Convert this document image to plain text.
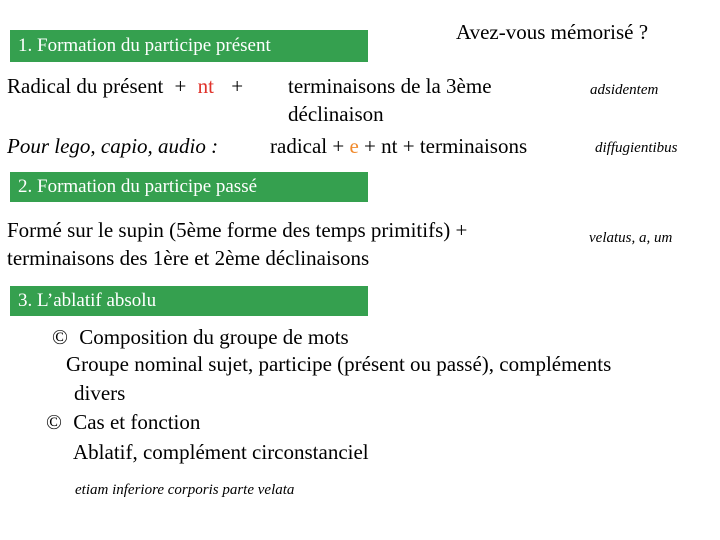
1. Formation du participe présent
Avez-vous mémorisé ?
Radical du présent + nt + terminaisons de la 3ème
déclinaison
Pour lego, capio, audio : radical + e + nt + terminaisons
adsidentem
diffugientibus
velatus, a, um
2. Formation du participe passé
Formé sur le supin (5ème forme des temps primitifs) +
terminaisons des 1ère et 2ème déclinaisons
3. L’ablatif absolu
© Composition du groupe de mots
Groupe nominal sujet, participe (présent ou passé), compléments
divers
© Cas et fonction
Ablatif, complément circonstanciel
etiam inferiore corporis parte velata
